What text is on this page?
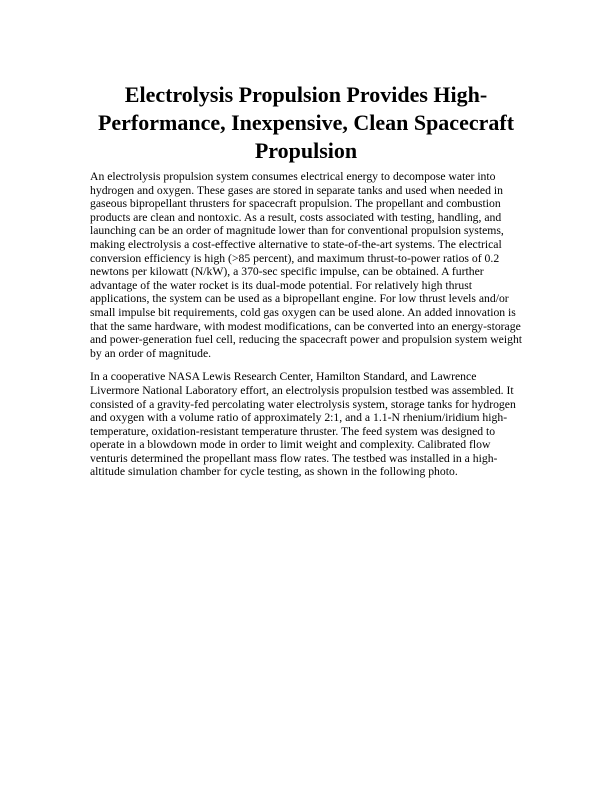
Electrolysis Propulsion Provides High-Performance, Inexpensive, Clean Spacecraft Propulsion

An electrolysis propulsion system consumes electrical energy to decompose water into hydrogen and oxygen. These gases are stored in separate tanks and used when needed in gaseous bipropellant thrusters for spacecraft propulsion. The propellant and combustion products are clean and nontoxic. As a result, costs associated with testing, handling, and launching can be an order of magnitude lower than for conventional propulsion systems, making electrolysis a cost-effective alternative to state-of-the-art systems. The electrical conversion efficiency is high (>85 percent), and maximum thrust-to-power ratios of 0.2 newtons per kilowatt (N/kW), a 370-sec specific impulse, can be obtained. A further advantage of the water rocket is its dual-mode potential. For relatively high thrust applications, the system can be used as a bipropellant engine. For low thrust levels and/or small impulse bit requirements, cold gas oxygen can be used alone. An added innovation is that the same hardware, with modest modifications, can be converted into an energy-storage and power-generation fuel cell, reducing the spacecraft power and propulsion system weight by an order of magnitude.

In a cooperative NASA Lewis Research Center, Hamilton Standard, and Lawrence Livermore National Laboratory effort, an electrolysis propulsion testbed was assembled. It consisted of a gravity-fed percolating water electrolysis system, storage tanks for hydrogen and oxygen with a volume ratio of approximately 2:1, and a 1.1-N rhenium/iridium high-temperature, oxidation-resistant temperature thruster. The feed system was designed to operate in a blowdown mode in order to limit weight and complexity. Calibrated flow venturis determined the propellant mass flow rates. The testbed was installed in a high-altitude simulation chamber for cycle testing, as shown in the following photo.
